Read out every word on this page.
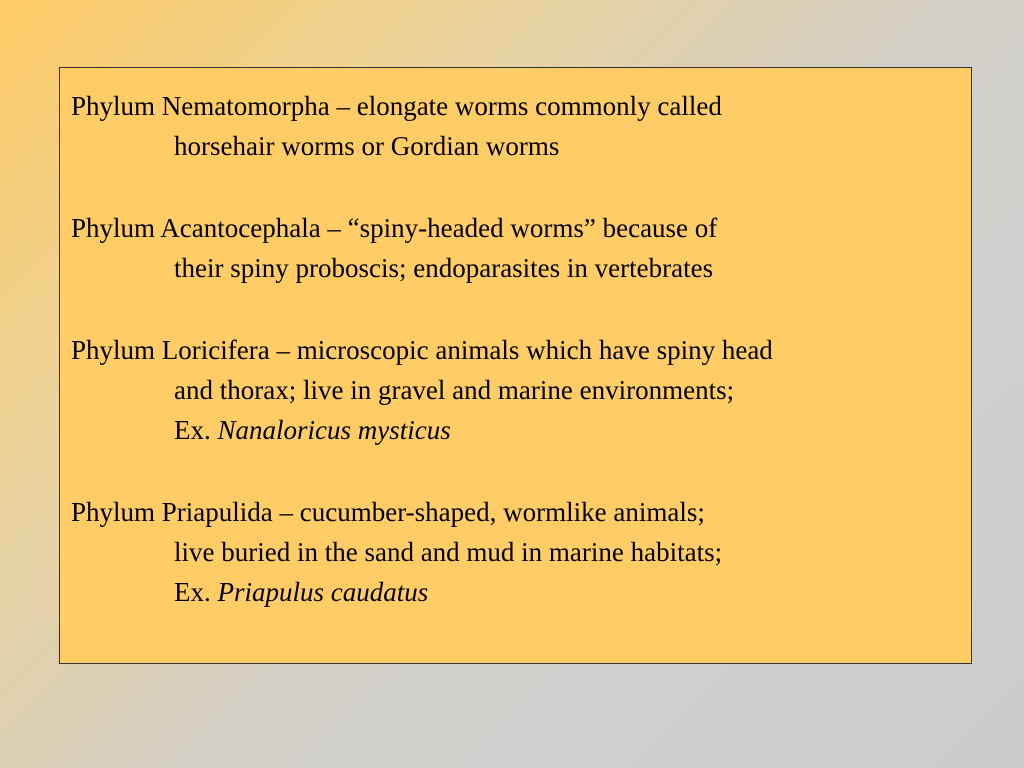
Phylum Nematomorpha – elongate worms commonly called
horsehair worms or Gordian worms
Phylum Acantocephala – “spiny-headed worms” because of
their spiny proboscis; endoparasites in vertebrates
Phylum Loricifera – microscopic animals which have spiny head
and thorax; live in gravel and marine environments;
Ex. Nanaloricus mysticus
Phylum Priapulida – cucumber-shaped, wormlike animals;
live buried in the sand and mud in marine habitats;
Ex. Priapulus caudatus
